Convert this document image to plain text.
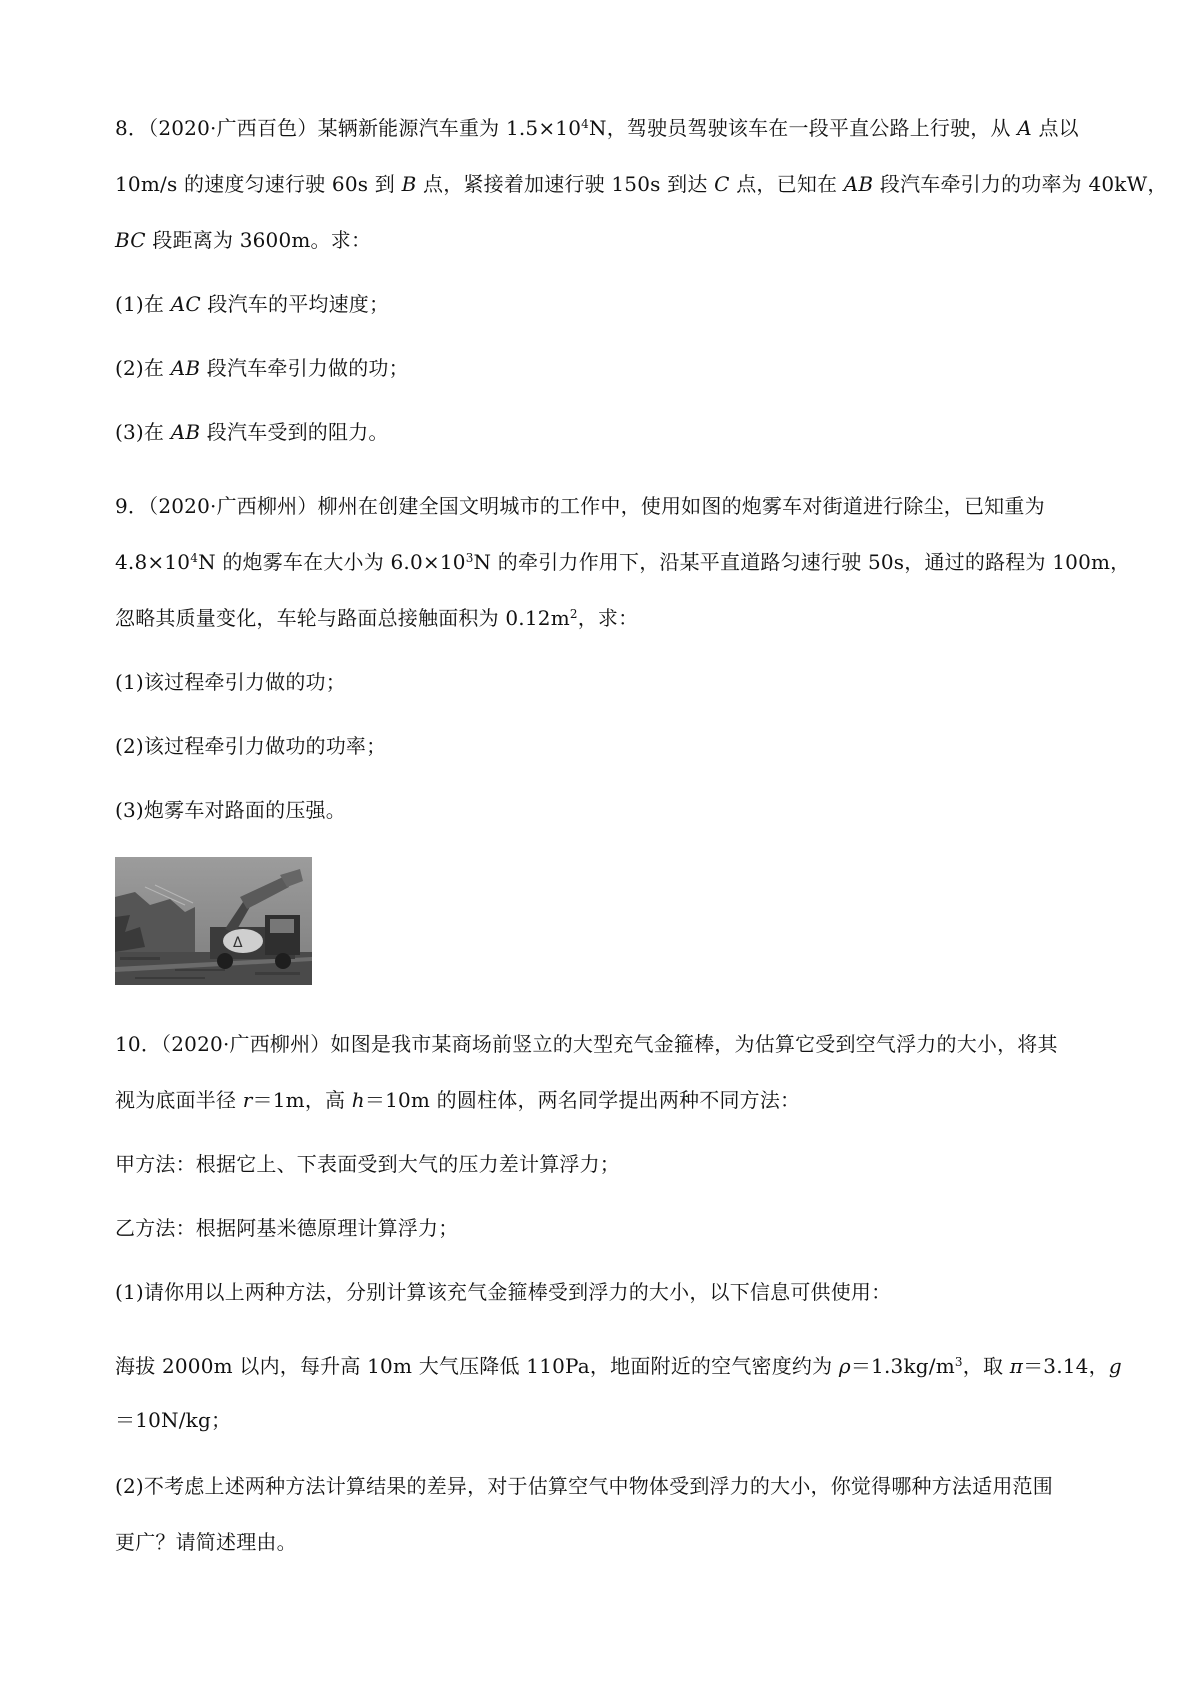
8．（2020·广西百色）某辆新能源汽车重为 $1.5\times 10^4N$，驾驶员驾驶该车在一段平直公路上行驶，从 A 点以
10m/s 的速度匀速行驶 60s 到 B 点，紧接着加速行驶 150s 到达 C 点，已知在 AB 段汽车牵引力的功率为 40kW，
BC 段距离为 3600m。求：
(1)在 AC 段汽车的平均速度；
(2)在 AB 段汽车牵引力做的功；
(3)在 AB 段汽车受到的阻力。
9．（2020·广西柳州）柳州在创建全国文明城市的工作中，使用如图的炮雾车对街道进行除尘，已知重为
$4.8\times 10^4N$ 的炮雾车在大小为 $6.0\times 10^3N$ 的牵引力作用下，沿某平直道路匀速行驶 50s，通过的路程为 100m，
忽略其质量变化，车轮与路面总接触面积为 $0.12m^2$，求：
(1)该过程牵引力做的功；
(2)该过程牵引力做功的功率；
(3)炮雾车对路面的压强。
Δ
10．（2020·广西柳州）如图是我市某商场前竖立的大型充气金箍棒，为估算它受到空气浮力的大小，将其
视为底面半径 r＝1m，高 h＝10m 的圆柱体，两名同学提出两种不同方法：
甲方法：根据它上、下表面受到大气的压力差计算浮力；
乙方法：根据阿基米德原理计算浮力；
(1)请你用以上两种方法，分别计算该充气金箍棒受到浮力的大小，以下信息可供使用：
海拔 2000m 以内，每升高 10m 大气压降低 110Pa，地面附近的空气密度约为 $\rho=1.3kg/m^3$，取 π＝3.14，g
＝10N/kg；
(2)不考虑上述两种方法计算结果的差异，对于估算空气中物体受到浮力的大小，你觉得哪种方法适用范围
更广？请简述理由。
